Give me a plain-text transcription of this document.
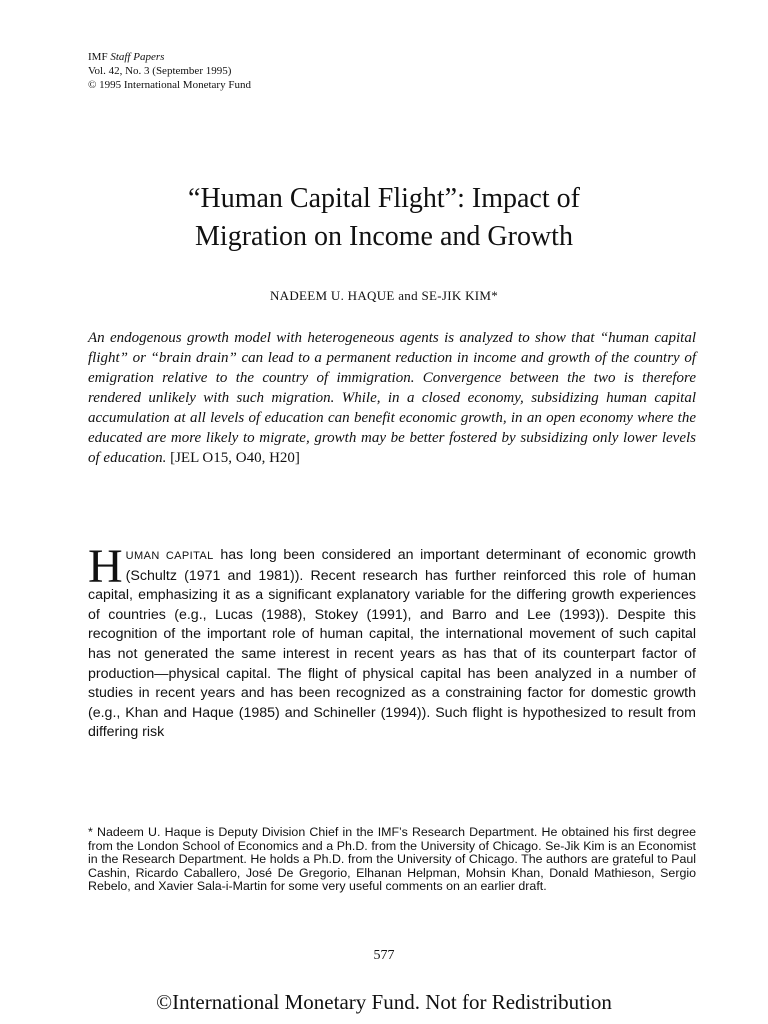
IMF Staff Papers
Vol. 42, No. 3 (September 1995)
© 1995 International Monetary Fund
“Human Capital Flight”: Impact of
Migration on Income and Growth
NADEEM U. HAQUE and SE-JIK KIM*
An endogenous growth model with heterogeneous agents is analyzed to show that “human capital flight” or “brain drain” can lead to a permanent reduction in income and growth of the country of emigration relative to the country of immigration. Convergence between the two is therefore rendered unlikely with such migration. While, in a closed economy, subsidizing human capital accumulation at all levels of education can benefit economic growth, in an open economy where the educated are more likely to migrate, growth may be better fostered by subsidizing only lower levels of education. [JEL O15, O40, H20]
HUMAN CAPITAL has long been considered an important determinant of economic growth (Schultz (1971 and 1981)). Recent research has further reinforced this role of human capital, emphasizing it as a significant explanatory variable for the differing growth experiences of countries (e.g., Lucas (1988), Stokey (1991), and Barro and Lee (1993)). Despite this recognition of the important role of human capital, the international movement of such capital has not generated the same interest in recent years as has that of its counterpart factor of production—physical capital. The flight of physical capital has been analyzed in a number of studies in recent years and has been recognized as a constraining factor for domestic growth (e.g., Khan and Haque (1985) and Schineller (1994)). Such flight is hypothesized to result from differing risk
* Nadeem U. Haque is Deputy Division Chief in the IMF’s Research Department. He obtained his first degree from the London School of Economics and a Ph.D. from the University of Chicago. Se-Jik Kim is an Economist in the Research Department. He holds a Ph.D. from the University of Chicago. The authors are grateful to Paul Cashin, Ricardo Caballero, José De Gregorio, Elhanan Helpman, Mohsin Khan, Donald Mathieson, Sergio Rebelo, and Xavier Sala-i-Martin for some very useful comments on an earlier draft.
577
©International Monetary Fund. Not for Redistribution
